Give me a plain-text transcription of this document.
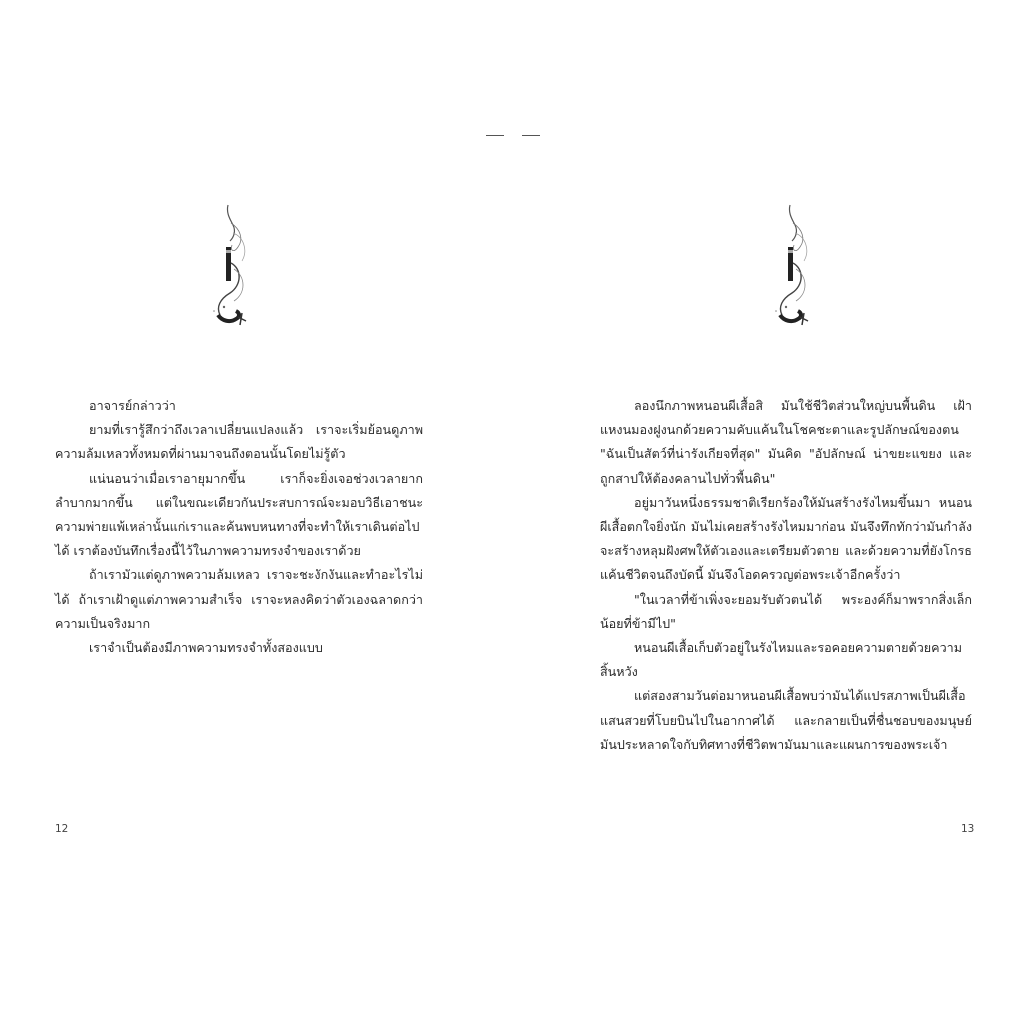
อาจารย์กล่าวว่า

ยามที่เรารู้สึกว่าถึงเวลาเปลี่ยนแปลงแล้ว เราจะเริ่มย้อนดูภาพความล้มเหลวทั้งหมดที่ผ่านมาจนถึงตอนนั้นโดยไม่รู้ตัว

แน่นอนว่าเมื่อเราอายุมากขึ้น เราก็จะยิ่งเจอช่วงเวลายากลำบากมากขึ้น แต่ในขณะเดียวกันประสบการณ์จะมอบวิธีเอาชนะความพ่ายแพ้เหล่านั้นแก่เราและค้นพบหนทางที่จะทำให้เราเดินต่อไปได้ เราต้องบันทึกเรื่องนี้ไว้ในภาพความทรงจำของเราด้วย

ถ้าเรามัวแต่ดูภาพความล้มเหลว เราจะชะงักงันและทำอะไรไม่ได้ ถ้าเราเฝ้าดูแต่ภาพความสำเร็จ เราจะหลงคิดว่าตัวเองฉลาดกว่าความเป็นจริงมาก

เราจำเป็นต้องมีภาพความทรงจำทั้งสองแบบ

12

ลองนึกภาพหนอนผีเสื้อสิ มันใช้ชีวิตส่วนใหญ่บนพื้นดิน เฝ้าแหงนมองฝูงนกด้วยความคับแค้นในโชคชะตาและรูปลักษณ์ของตน "ฉันเป็นสัตว์ที่น่ารังเกียจที่สุด" มันคิด "อัปลักษณ์ น่าขยะแขยง และถูกสาปให้ต้องคลานไปทั่วพื้นดิน"

อยู่มาวันหนึ่งธรรมชาติเรียกร้องให้มันสร้างรังไหมขึ้นมา หนอนผีเสื้อตกใจยิ่งนัก มันไม่เคยสร้างรังไหมมาก่อน มันจึงทึกทักว่ามันกำลังจะสร้างหลุมฝังศพให้ตัวเองและเตรียมตัวตาย และด้วยความที่ยังโกรธแค้นชีวิตจนถึงบัดนี้ มันจึงโอดครวญต่อพระเจ้าอีกครั้งว่า

"ในเวลาที่ข้าเพิ่งจะยอมรับตัวตนได้ พระองค์ก็มาพรากสิ่งเล็กน้อยที่ข้ามีไป"

หนอนผีเสื้อเก็บตัวอยู่ในรังไหมและรอคอยความตายด้วยความสิ้นหวัง

แต่สองสามวันต่อมาหนอนผีเสื้อพบว่ามันได้แปรสภาพเป็นผีเสื้อแสนสวยที่โบยบินไปในอากาศได้ และกลายเป็นที่ชื่นชอบของมนุษย์ มันประหลาดใจกับทิศทางที่ชีวิตพามันมาและแผนการของพระเจ้า

13
